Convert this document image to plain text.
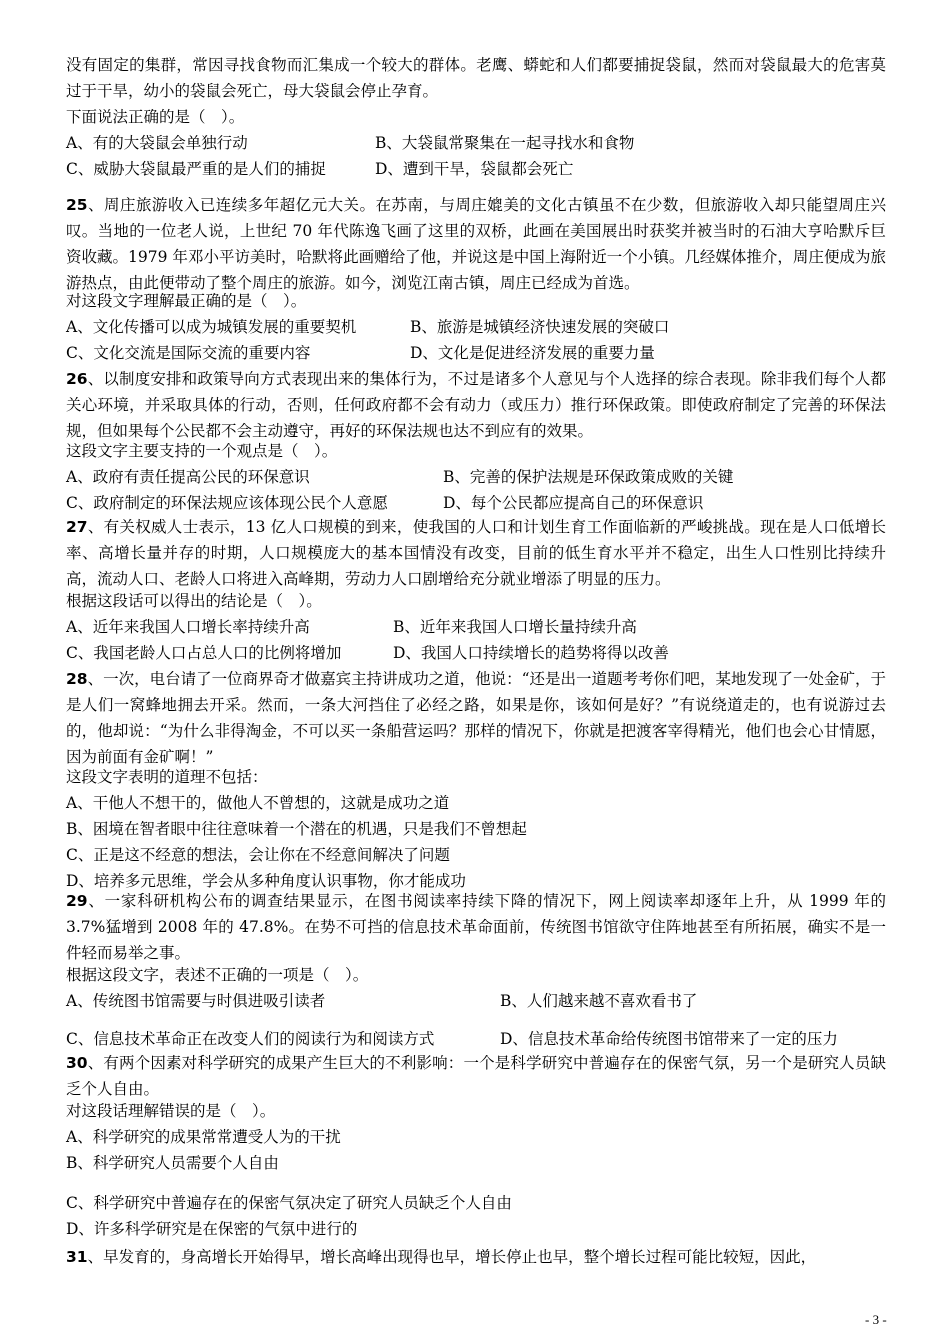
没有固定的集群，常因寻找食物而汇集成一个较大的群体。老鹰、蟒蛇和人们都要捕捉袋鼠，然而对袋鼠最大的危害莫过于干旱，幼小的袋鼠会死亡，母大袋鼠会停止孕育。

下面说法正确的是（　）。

A、有的大袋鼠会单独行动	B、大袋鼠常聚集在一起寻找水和食物

C、威胁大袋鼠最严重的是人们的捕捉	D、遭到干旱，袋鼠都会死亡

25、周庄旅游收入已连续多年超亿元大关。在苏南，与周庄媲美的文化古镇虽不在少数，但旅游收入却只能望周庄兴叹。当地的一位老人说，上世纪 70 年代陈逸飞画了这里的双桥，此画在美国展出时获奖并被当时的石油大亨哈默斥巨资收藏。1979 年邓小平访美时，哈默将此画赠给了他，并说这是中国上海附近一个小镇。几经媒体推介，周庄便成为旅游热点，由此便带动了整个周庄的旅游。如今，浏览江南古镇，周庄已经成为首选。

对这段文字理解最正确的是（　）。

A、文化传播可以成为城镇发展的重要契机	B、旅游是城镇经济快速发展的突破口

C、文化交流是国际交流的重要内容	D、文化是促进经济发展的重要力量

26、以制度安排和政策导向方式表现出来的集体行为，不过是诸多个人意见与个人选择的综合表现。除非我们每个人都关心环境，并采取具体的行动，否则，任何政府都不会有动力（或压力）推行环保政策。即使政府制定了完善的环保法规，但如果每个公民都不会主动遵守，再好的环保法规也达不到应有的效果。

这段文字主要支持的一个观点是（　）。

A、政府有责任提高公民的环保意识	B、完善的保护法规是环保政策成败的关键

C、政府制定的环保法规应该体现公民个人意愿	D、每个公民都应提高自己的环保意识

27、有关权威人士表示，13 亿人口规模的到来，使我国的人口和计划生育工作面临新的严峻挑战。现在是人口低增长率、高增长量并存的时期，人口规模庞大的基本国情没有改变，目前的低生育水平并不稳定，出生人口性别比持续升高，流动人口、老龄人口将进入高峰期，劳动力人口剧增给充分就业增添了明显的压力。

根据这段话可以得出的结论是（　）。

A、近年来我国人口增长率持续升高	B、近年来我国人口增长量持续升高

C、我国老龄人口占总人口的比例将增加	D、我国人口持续增长的趋势将得以改善

28、一次，电台请了一位商界奇才做嘉宾主持讲成功之道，他说：“还是出一道题考考你们吧，某地发现了一处金矿，于是人们一窝蜂地拥去开采。然而，一条大河挡住了必经之路，如果是你，该如何是好？”有说绕道走的，也有说游过去的，他却说：“为什么非得淘金，不可以买一条船营运吗？那样的情况下，你就是把渡客宰得精光，他们也会心甘情愿，因为前面有金矿啊！”

这段文字表明的道理不包括：

A、干他人不想干的，做他人不曾想的，这就是成功之道

B、困境在智者眼中往往意味着一个潜在的机遇，只是我们不曾想起

C、正是这不经意的想法，会让你在不经意间解决了问题

D、培养多元思维，学会从多种角度认识事物，你才能成功

29、一家科研机构公布的调查结果显示，在图书阅读率持续下降的情况下，网上阅读率却逐年上升，从 1999 年的 3.7%猛增到 2008 年的 47.8%。在势不可挡的信息技术革命面前，传统图书馆欲守住阵地甚至有所拓展，确实不是一件轻而易举之事。

根据这段文字，表述不正确的一项是（　）。

A、传统图书馆需要与时俱进吸引读者	B、人们越来越不喜欢看书了

C、信息技术革命正在改变人们的阅读行为和阅读方式	D、信息技术革命给传统图书馆带来了一定的压力

30、有两个因素对科学研究的成果产生巨大的不利影响：一个是科学研究中普遍存在的保密气氛，另一个是研究人员缺乏个人自由。

对这段话理解错误的是（　）。

A、科学研究的成果常常遭受人为的干扰

B、科学研究人员需要个人自由

C、科学研究中普遍存在的保密气氛决定了研究人员缺乏个人自由

D、许多科学研究是在保密的气氛中进行的

31、早发育的，身高增长开始得早，增长高峰出现得也早，增长停止也早，整个增长过程可能比较短，因此，

- 3 -
